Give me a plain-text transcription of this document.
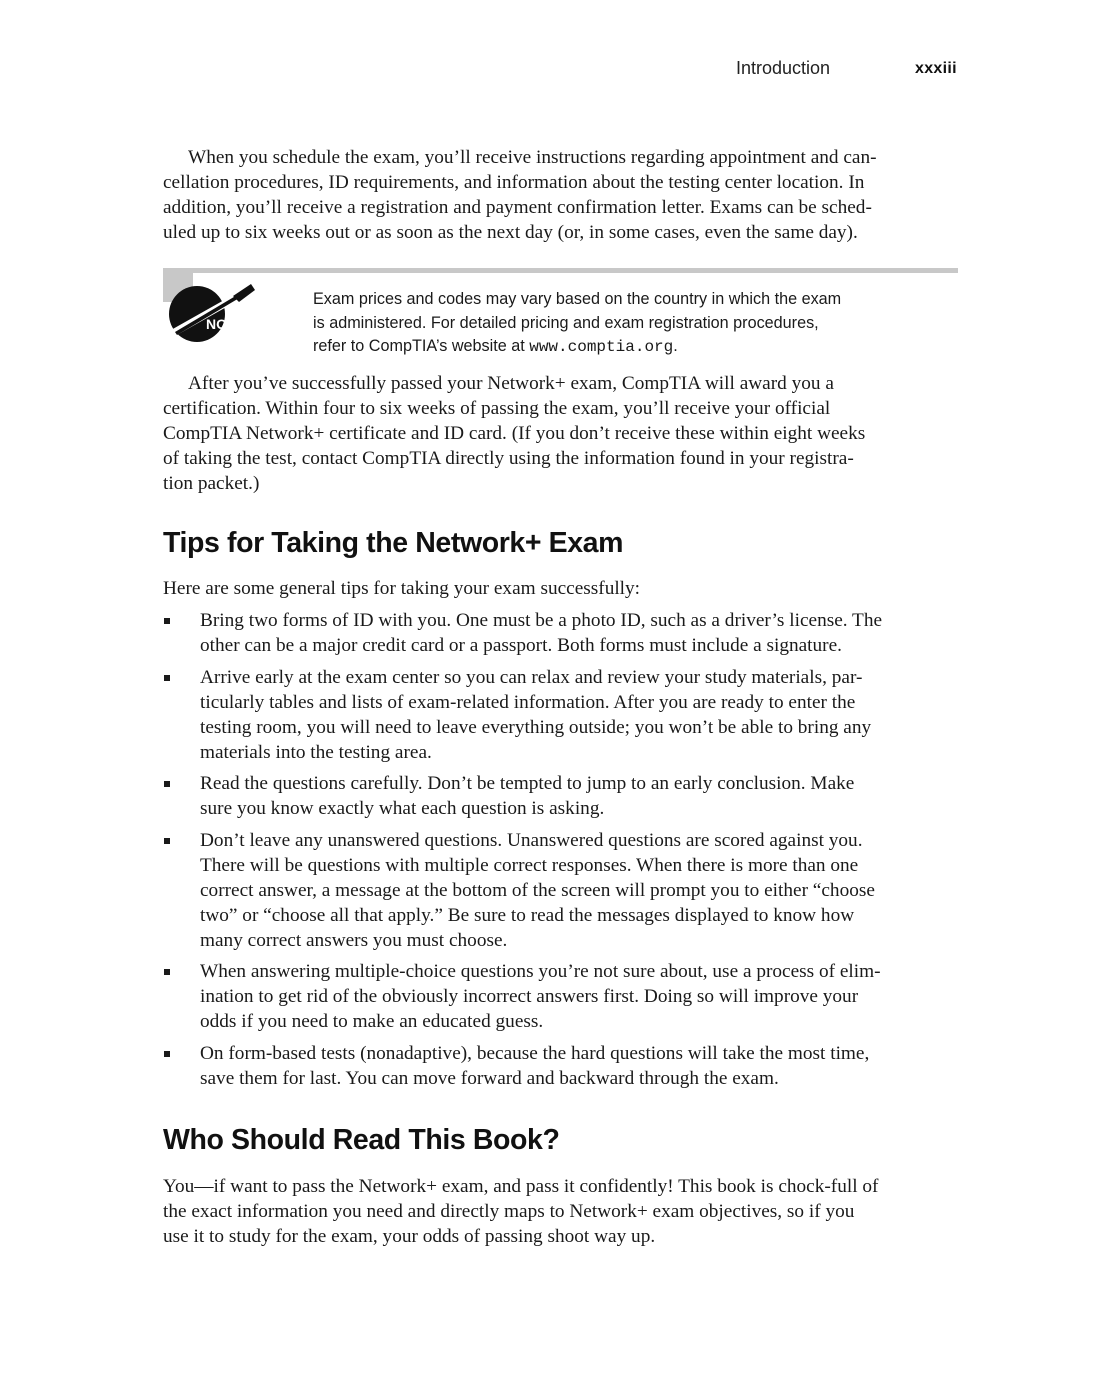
Introduction	xxxiii

When you schedule the exam, you’ll receive instructions regarding appointment and can-
cellation procedures, ID requirements, and information about the testing center location. In
addition, you’ll receive a registration and payment confirmation letter. Exams can be sched-
uled up to six weeks out or as soon as the next day (or, in some cases, even the same day).

NOTE
Exam prices and codes may vary based on the country in which the exam
is administered. For detailed pricing and exam registration procedures,
refer to CompTIA’s website at www.comptia.org.

After you’ve successfully passed your Network+ exam, CompTIA will award you a
certification. Within four to six weeks of passing the exam, you’ll receive your official
CompTIA Network+ certificate and ID card. (If you don’t receive these within eight weeks
of taking the test, contact CompTIA directly using the information found in your registra-
tion packet.)

Tips for Taking the Network+ Exam

Here are some general tips for taking your exam successfully:

Bring two forms of ID with you. One must be a photo ID, such as a driver’s license. The
other can be a major credit card or a passport. Both forms must include a signature.
Arrive early at the exam center so you can relax and review your study materials, par-
ticularly tables and lists of exam-related information. After you are ready to enter the
testing room, you will need to leave everything outside; you won’t be able to bring any
materials into the testing area.
Read the questions carefully. Don’t be tempted to jump to an early conclusion. Make
sure you know exactly what each question is asking.
Don’t leave any unanswered questions. Unanswered questions are scored against you.
There will be questions with multiple correct responses. When there is more than one
correct answer, a message at the bottom of the screen will prompt you to either “choose
two” or “choose all that apply.” Be sure to read the messages displayed to know how
many correct answers you must choose.
When answering multiple-choice questions you’re not sure about, use a process of elim-
ination to get rid of the obviously incorrect answers first. Doing so will improve your
odds if you need to make an educated guess.
On form-based tests (nonadaptive), because the hard questions will take the most time,
save them for last. You can move forward and backward through the exam.
Who Should Read This Book?

You—if want to pass the Network+ exam, and pass it confidently! This book is chock-full of
the exact information you need and directly maps to Network+ exam objectives, so if you
use it to study for the exam, your odds of passing shoot way up.
